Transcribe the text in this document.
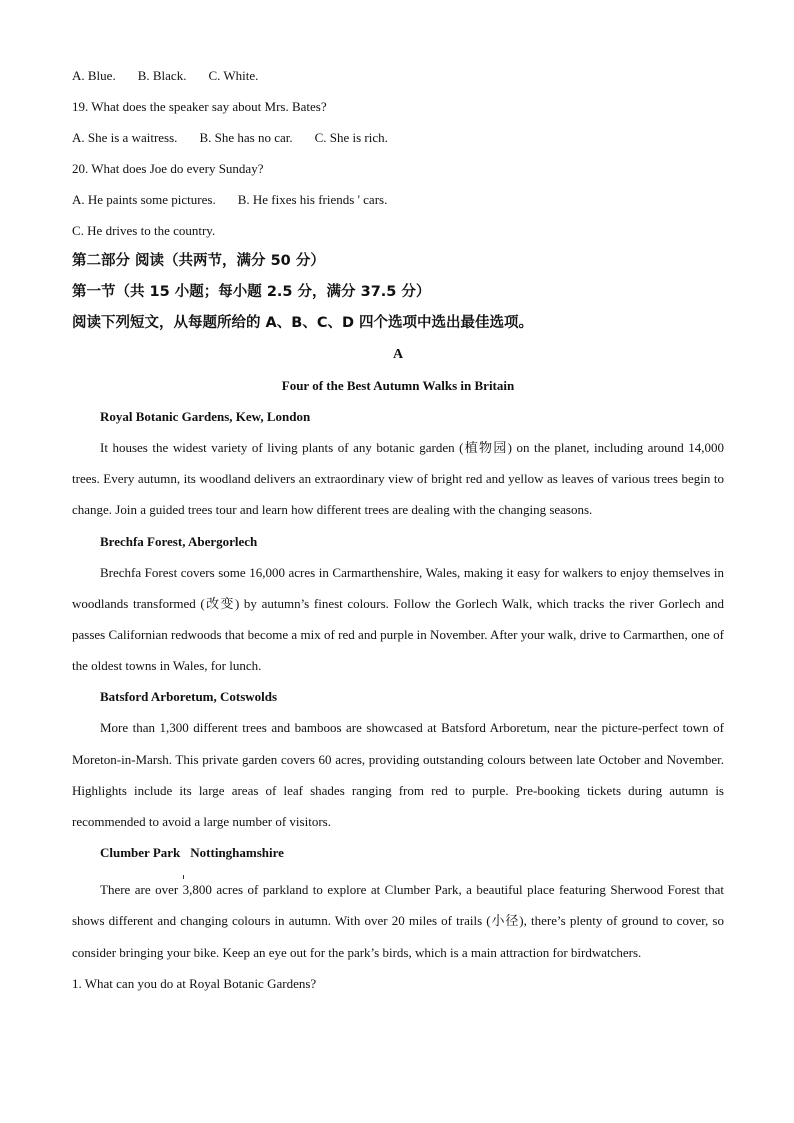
A. Blue. B. Black. C. White.
19. What does the speaker say about Mrs. Bates?
A. She is a waitress. B. She has no car. C. She is rich.
20. What does Joe do every Sunday?
A. He paints some pictures. B. He fixes his friends ' cars.
C. He drives to the country.
第二部分 阅读（共两节，满分 50 分）
第一节（共 15 小题；每小题 2.5 分，满分 37.5 分）
阅读下列短文，从每题所给的 A、B、C、D 四个选项中选出最佳选项。
A
Four of the Best Autumn Walks in Britain
Royal Botanic Gardens, Kew, London

It houses the widest variety of living plants of any botanic garden (植物园) on the planet, including around 14,000 trees. Every autumn, its woodland delivers an extraordinary view of bright red and yellow as leaves of various trees begin to change. Join a guided trees tour and learn how different trees are dealing with the changing seasons.

Brechfa Forest, Abergorlech

Brechfa Forest covers some 16,000 acres in Carmarthenshire, Wales, making it easy for walkers to enjoy themselves in woodlands transformed (改变) by autumn’s finest colours. Follow the Gorlech Walk, which tracks the river Gorlech and passes Californian redwoods that become a mix of red and purple in November. After your walk, drive to Carmarthen, one of the oldest towns in Wales, for lunch.

Batsford Arboretum, Cotswolds

More than 1,300 different trees and bamboos are showcased at Batsford Arboretum, near the picture-perfect town of Moreton-in-Marsh. This private garden covers 60 acres, providing outstanding colours between late October and November. Highlights include its large areas of leaf shades ranging from red to purple. Pre-booking tickets during autumn is recommended to avoid a large number of visitors.

Clumber Park Nottinghamshire

There are over 3,800 acres of parkland to explore at Clumber Park, a beautiful place featuring Sherwood Forest that shows different and changing colours in autumn. With over 20 miles of trails (小径), there’s plenty of ground to cover, so consider bringing your bike. Keep an eye out for the park’s birds, which is a main attraction for birdwatchers.

1. What can you do at Royal Botanic Gardens?
